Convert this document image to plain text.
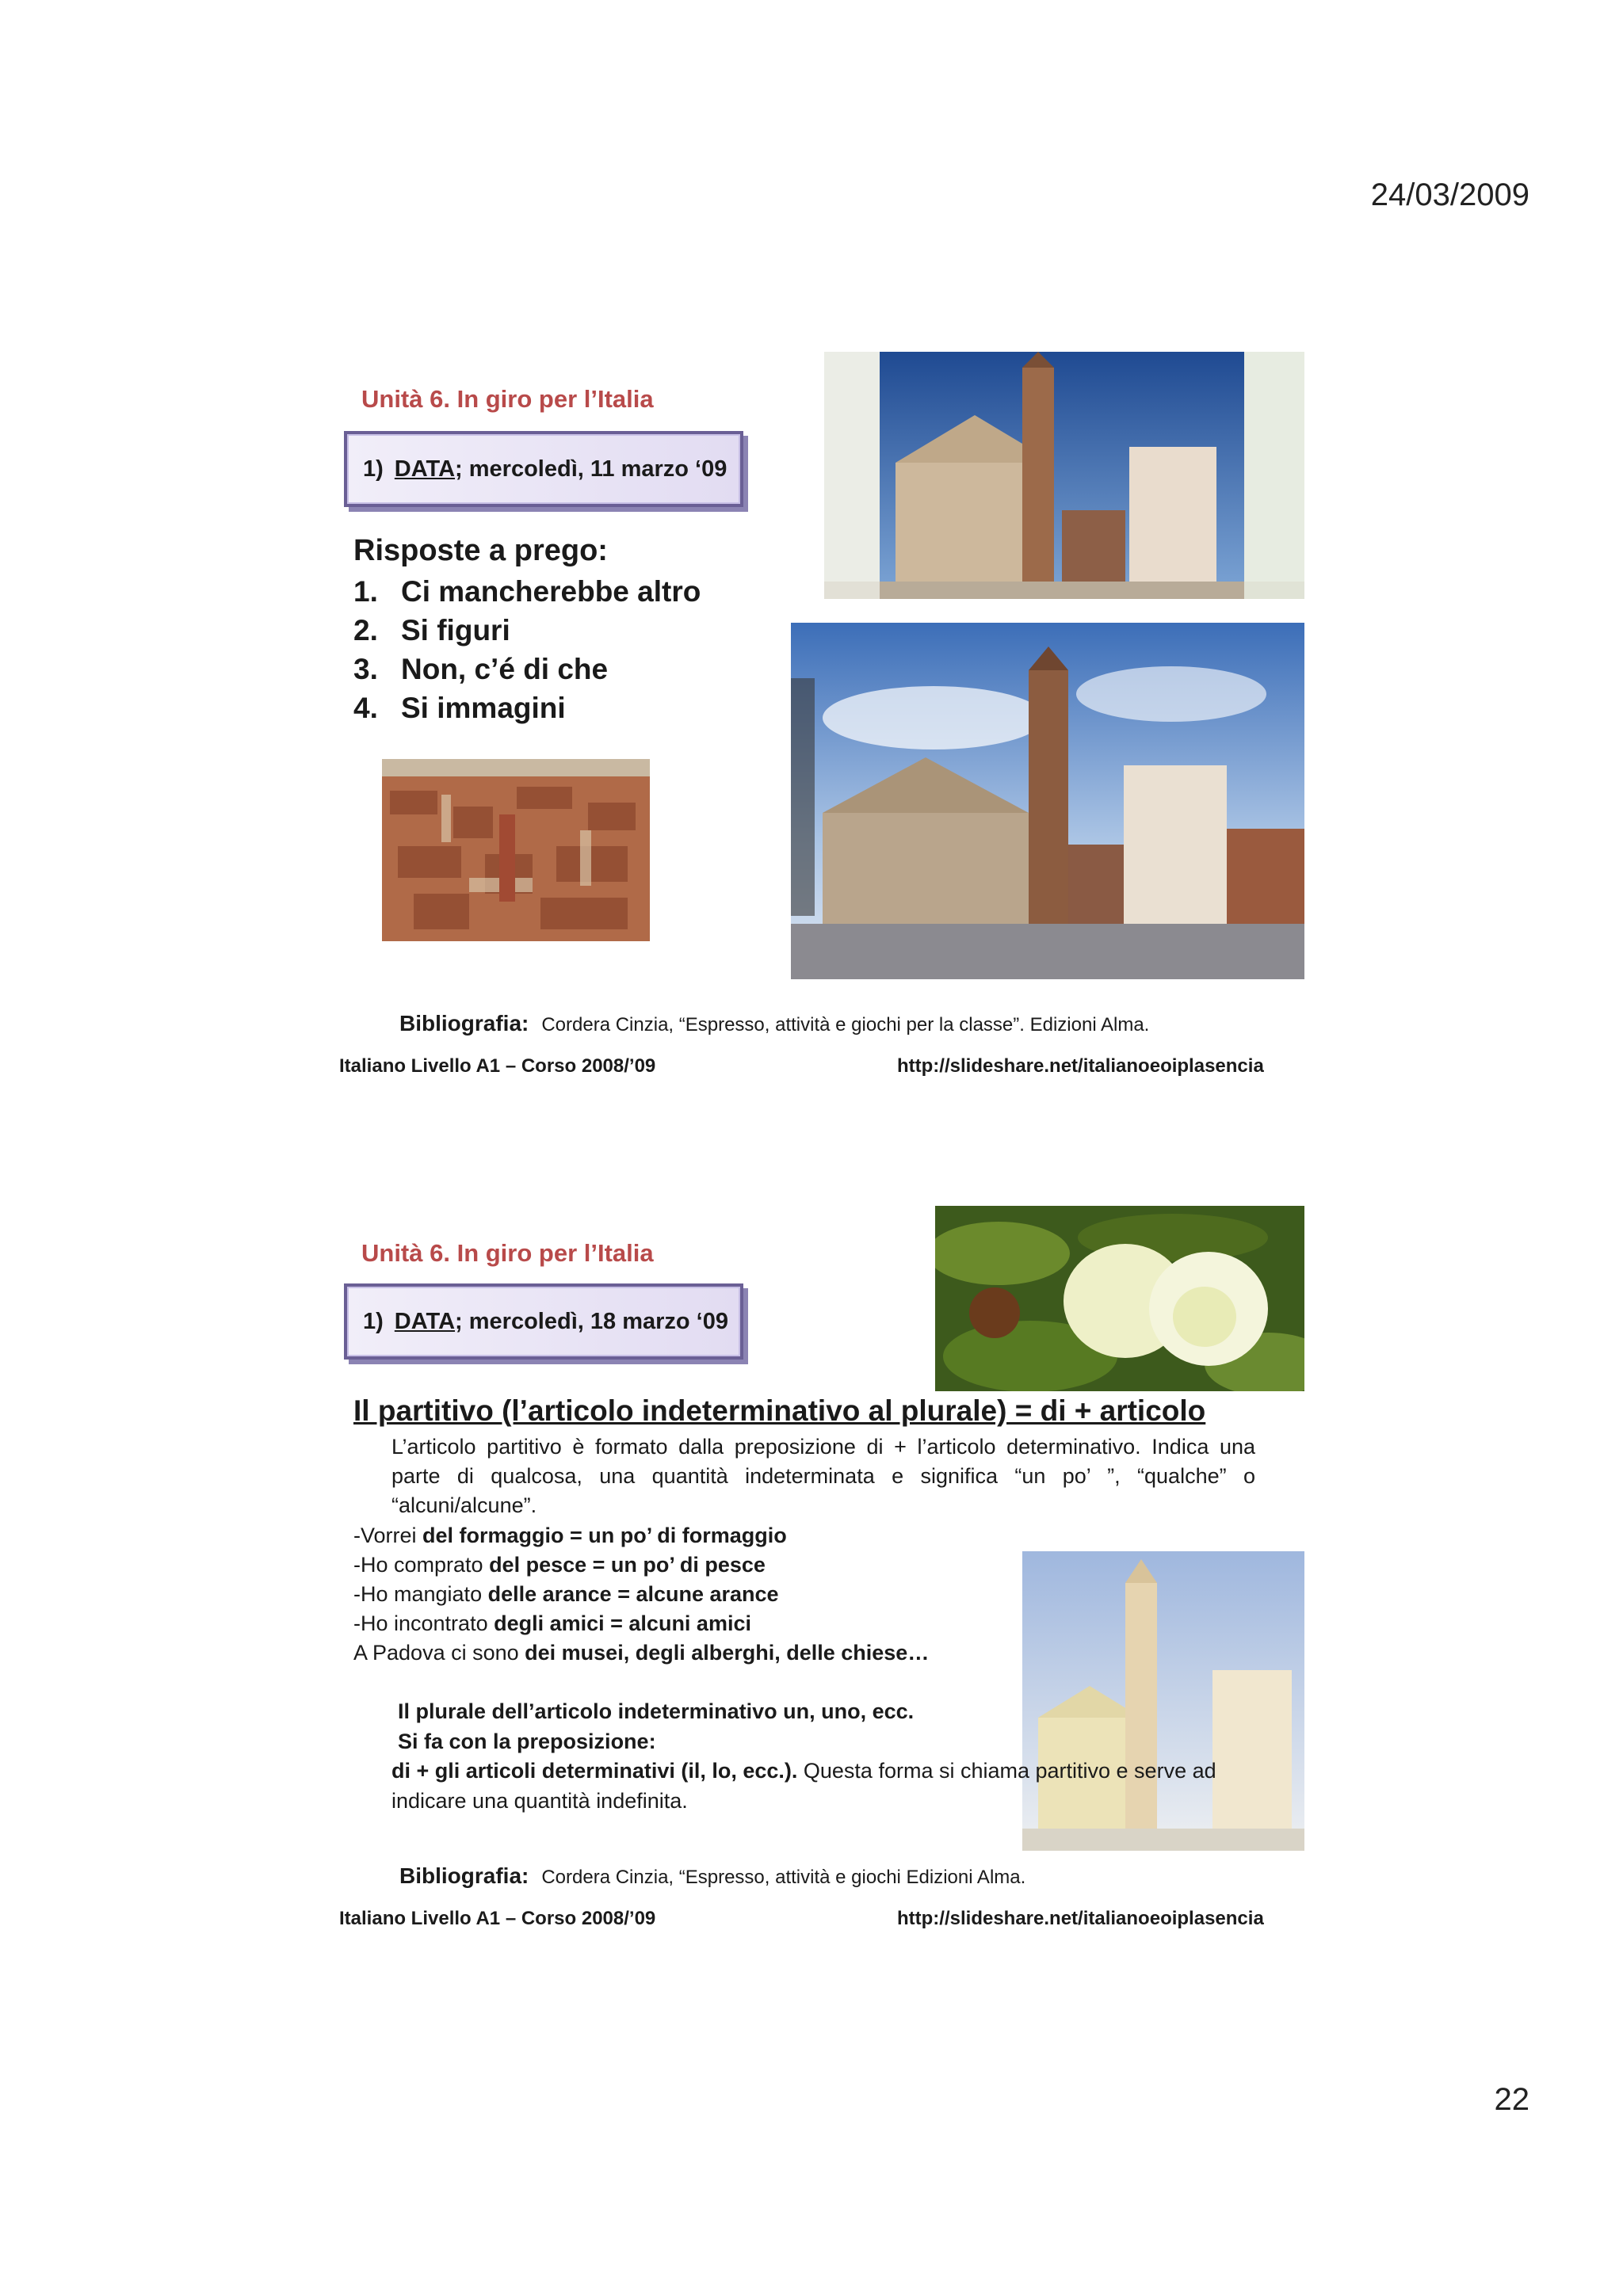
24/03/2009
22
Unità 6. In giro per l’Italia
1) DATA ; mercoledì, 11 marzo ‘09
Risposte a prego:
1. Ci mancherebbe altro
2. Si figuri
3. Non, c’é di che
4. Si immagini
Bibliografia: Cordera Cinzia, “Espresso, attività e giochi per la classe”. Edizioni Alma.
Italiano Livello A1 – Corso 2008/’09	http://slideshare.net/italianoeoiplasencia
Unità 6. In giro per l’Italia
1) DATA ; mercoledì, 18 marzo ‘09
Il partitivo (l’articolo indeterminativo al plurale) = di + articolo
L’articolo partitivo è formato dalla preposizione di + l’articolo determinativo. Indica una parte di qualcosa, una quantità indeterminata e significa “un po’ ”, “qualche” o “alcuni/alcune”.
-Vorrei del formaggio = un po’ di formaggio
-Ho comprato del pesce = un po’ di pesce
-Ho mangiato delle arance = alcune arance
-Ho incontrato degli amici = alcuni amici
A Padova ci sono dei musei, degli alberghi, delle chiese…
Il plurale dell’articolo indeterminativo un, uno, ecc.
Si fa con la preposizione:
di + gli articoli determinativi (il, lo, ecc.). Questa forma si chiama partitivo e serve ad
indicare una quantità indefinita.
Bibliografia: Cordera Cinzia, “Espresso, attività e giochi Edizioni Alma.
Italiano Livello A1 – Corso 2008/’09	http://slideshare.net/italianoeoiplasencia
